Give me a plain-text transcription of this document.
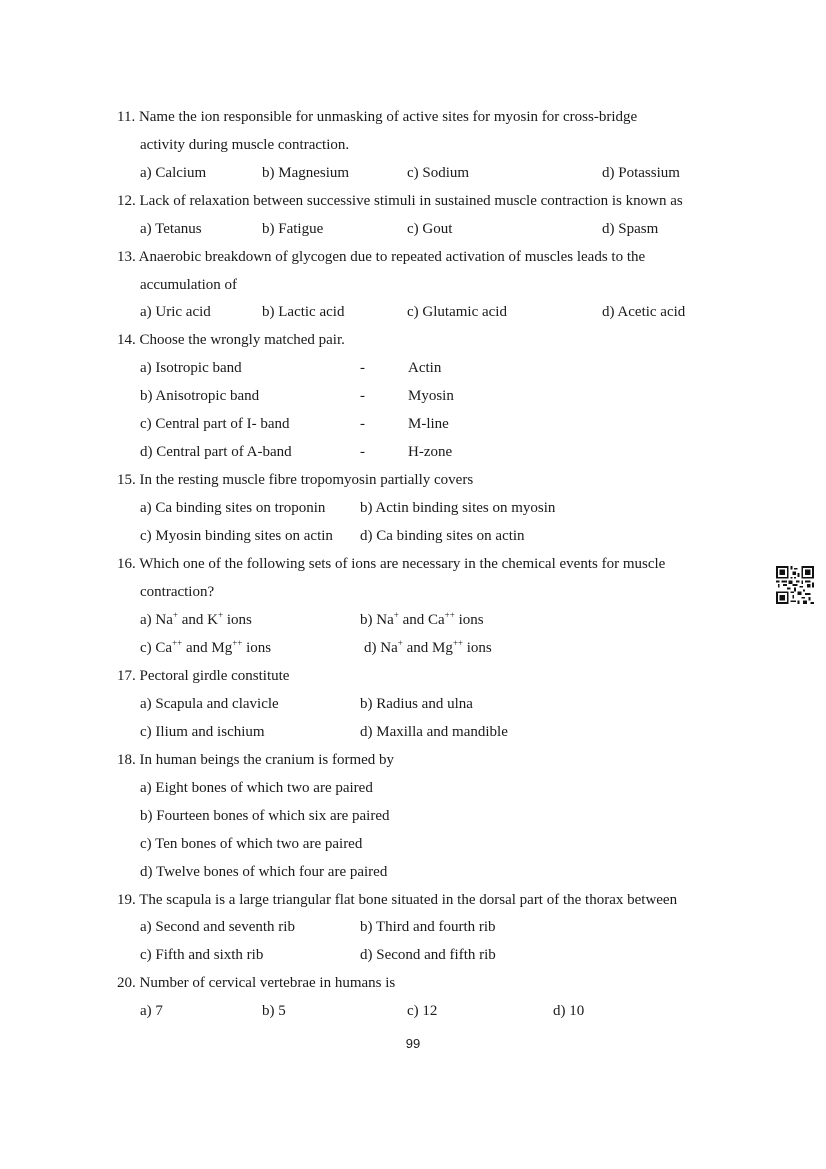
11. Name the ion responsible for unmasking of active sites for myosin for cross-bridge
activity during muscle contraction.
a) Calcium	b) Magnesium	c) Sodium	d) Potassium
12. Lack of relaxation between successive stimuli in sustained muscle contraction is known as
a) Tetanus	b) Fatigue	c) Gout	d) Spasm
13. Anaerobic breakdown of glycogen due to repeated activation of muscles leads to the
accumulation of
a) Uric acid	b) Lactic acid	c) Glutamic acid	d) Acetic acid
14. Choose the wrongly matched pair.
a) Isotropic band	-	Actin
b) Anisotropic band	-	Myosin
c) Central part of I- band	-	M-line
d) Central part of A-band	-	H-zone
15. In the resting muscle fibre tropomyosin partially covers
a) Ca binding sites on troponin b) Actin binding sites on myosin
c) Myosin binding sites on actin d) Ca binding sites on actin
16. Which one of the following sets of ions are necessary in the chemical events for muscle
contraction?
a) Na+ and K+ ions	b) Na+ and Ca++ ions
c) Ca++ and Mg++ ions	d) Na+ and Mg++ ions
17. Pectoral girdle constitute
a) Scapula and clavicle	b) Radius and ulna
c) Ilium and ischium	d) Maxilla and mandible
18. In human beings the cranium is formed by
a) Eight bones of which two are paired
b) Fourteen bones of which six are paired
c) Ten bones of which two are paired
d) Twelve bones of which four are paired
19. The scapula is a large triangular flat bone situated in the dorsal part of the thorax between
a) Second and seventh rib	b) Third and fourth rib
c) Fifth and sixth rib	d) Second and fifth rib
20. Number of cervical vertebrae in humans is
a) 7	b) 5	c) 12	d) 10
99
